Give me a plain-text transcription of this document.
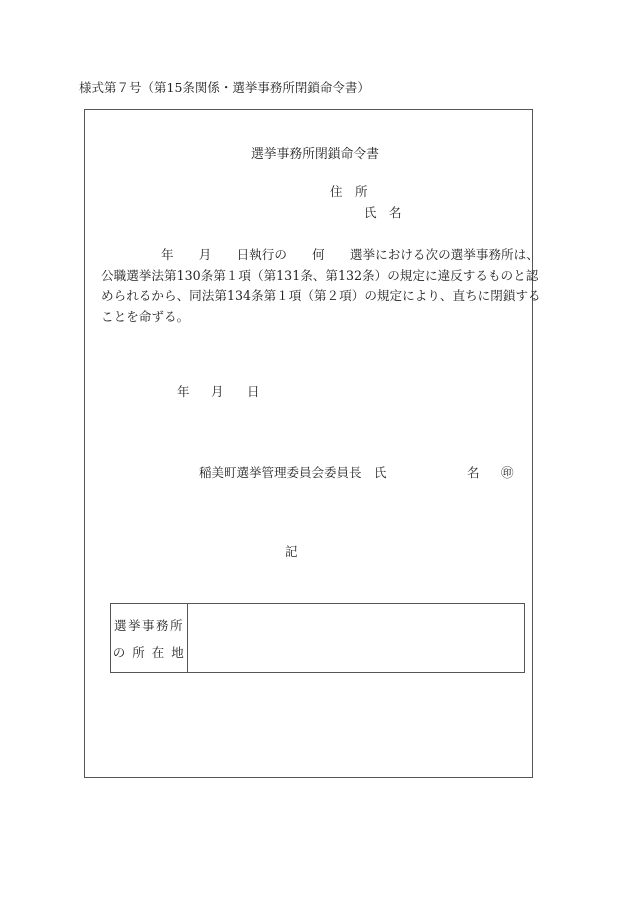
様式第７号（第15条関係・選挙事務所閉鎖命令書）
選挙事務所閉鎖命令書
住　所
氏　名
年　　月　　日執行の　　何　　選挙における次の選挙事務所は、
公職選挙法第130条第１項（第131条、第132条）の規定に違反するものと認
められるから、同法第134条第１項（第２項）の規定により、直ちに閉鎖する
ことを命ずる。
年 月 日
稲美町選挙管理委員会委員長　氏	名 ㊞
記
選挙事務所
の 所 在 地
